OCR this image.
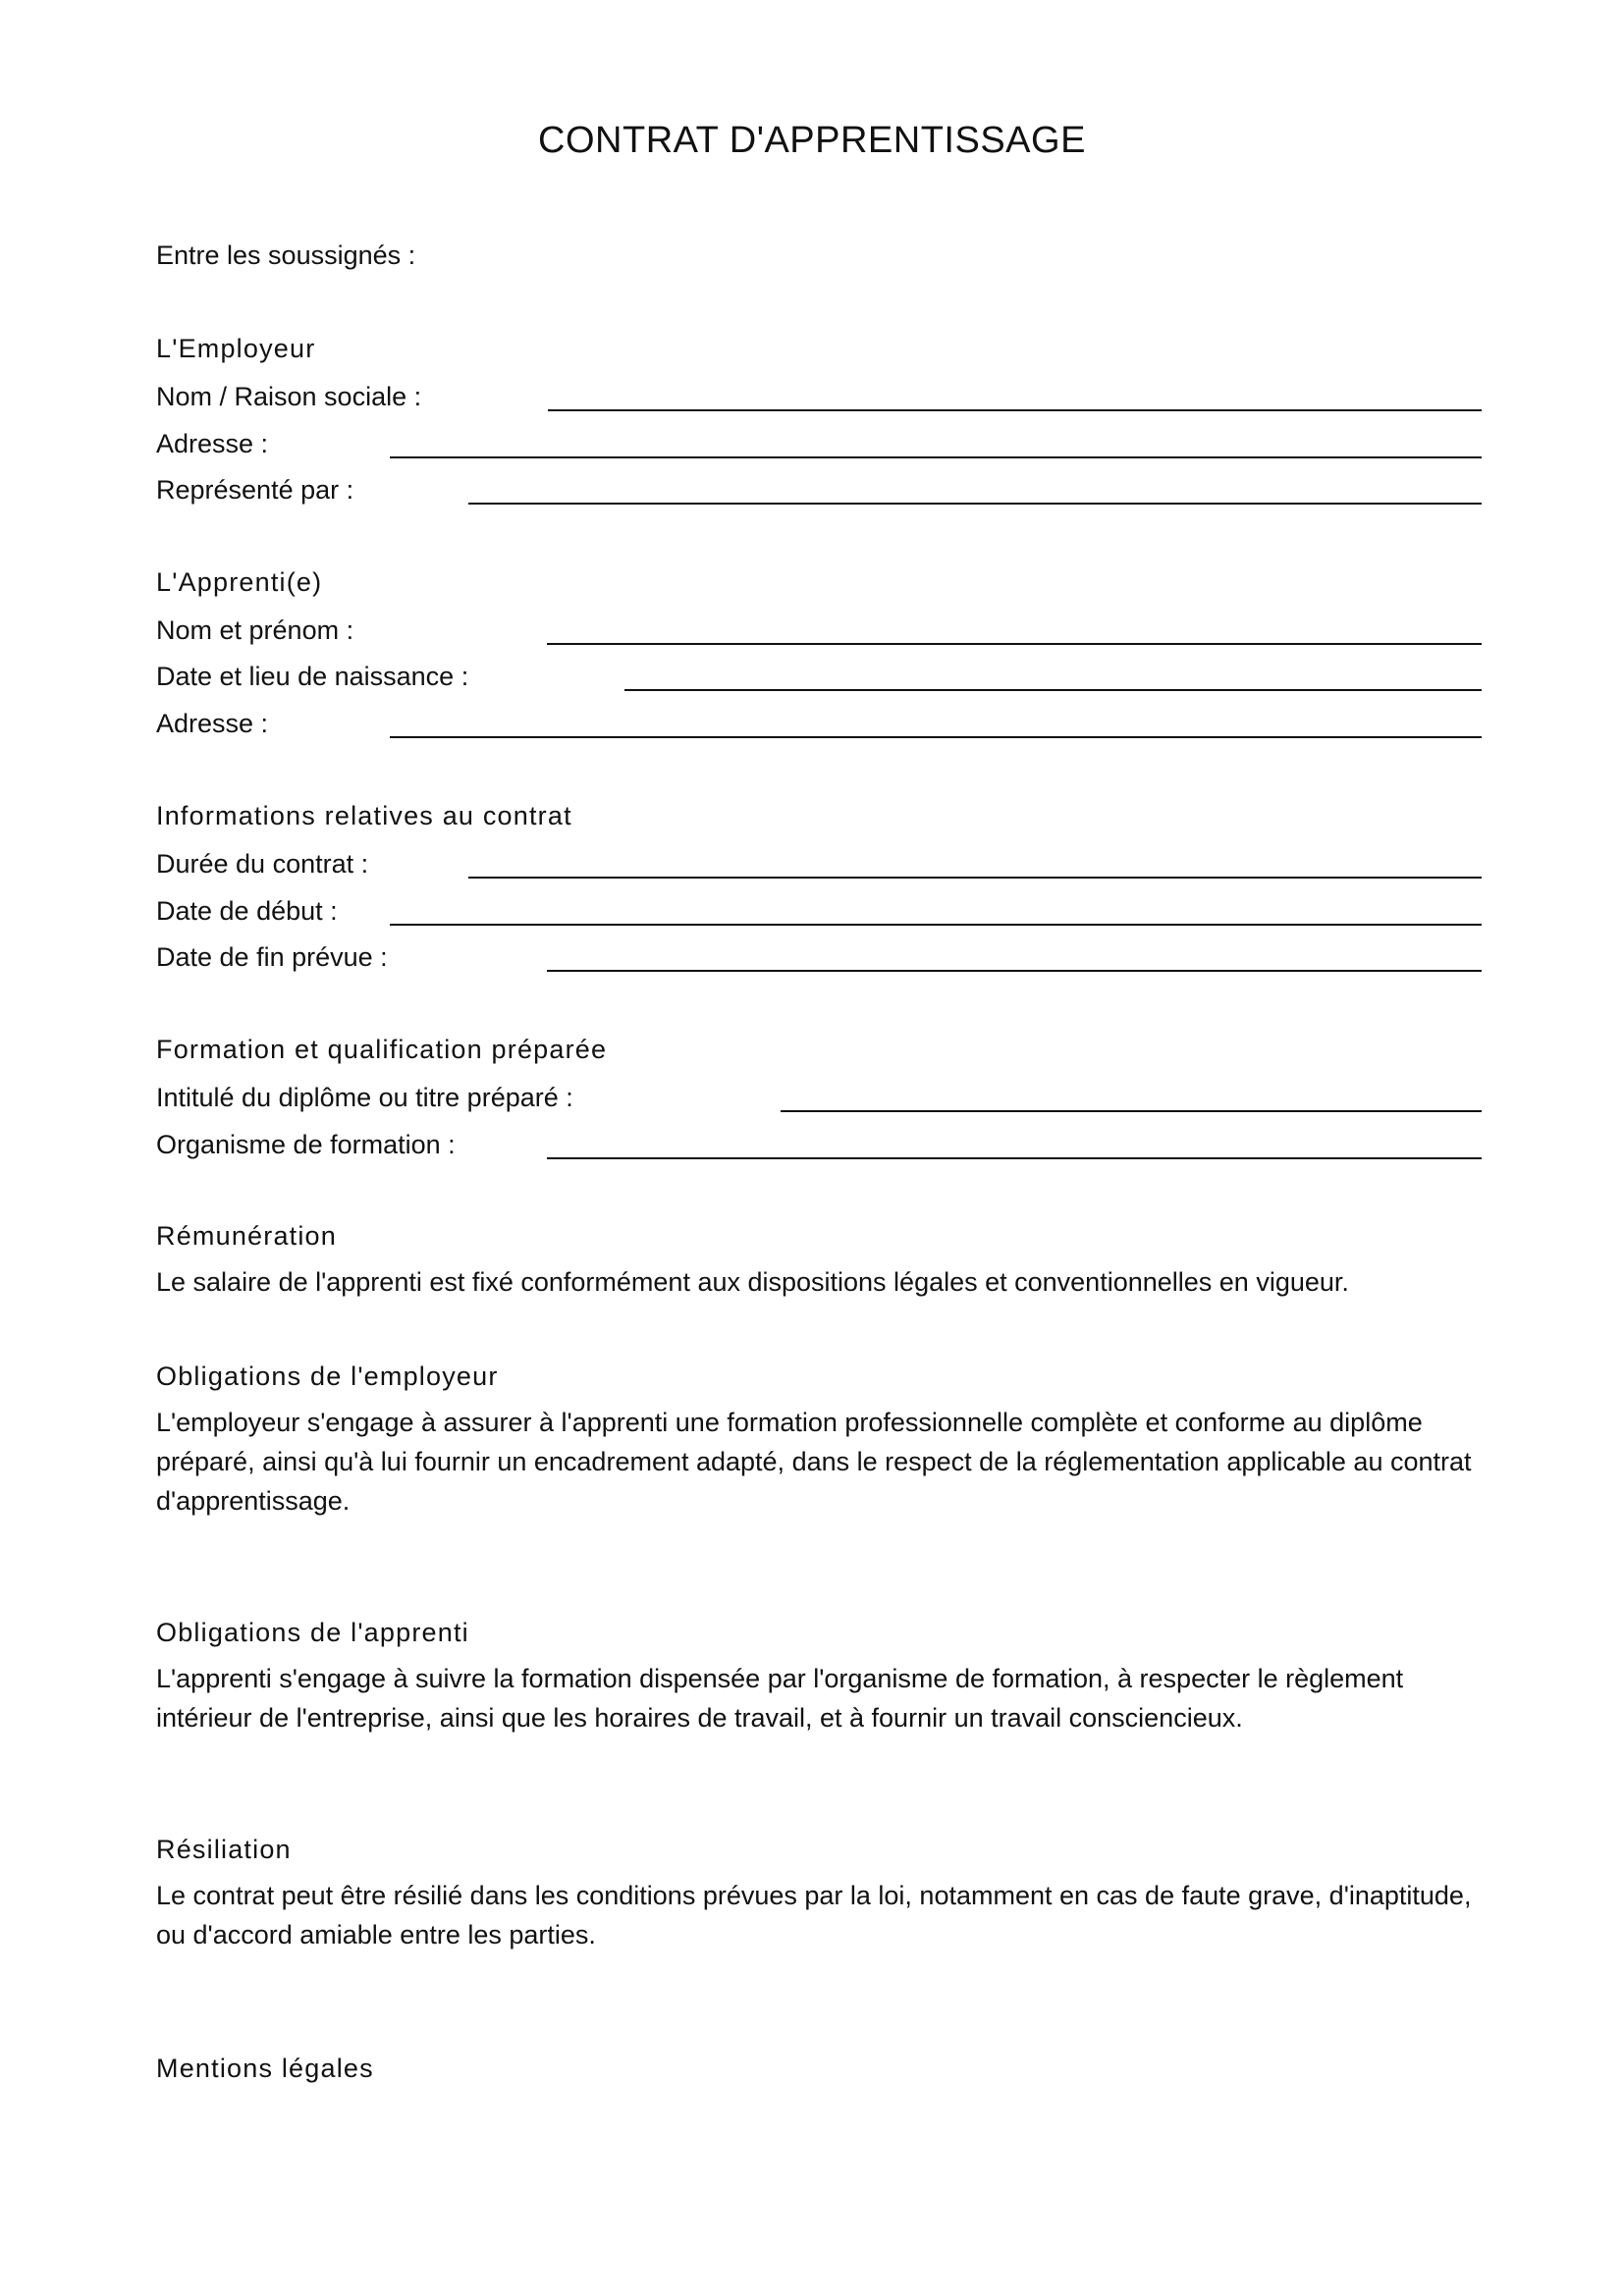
CONTRAT D'APPRENTISSAGE

Entre les soussignés :

L'Employeur
Nom / Raison sociale :
Adresse :
Représenté par :
L'Apprenti(e)
Nom et prénom :
Date et lieu de naissance :
Adresse :
Informations relatives au contrat
Durée du contrat :
Date de début :
Date de fin prévue :
Formation et qualification préparée
Intitulé du diplôme ou titre préparé :
Organisme de formation :
Rémunération

Le salaire de l'apprenti est fixé conformément aux dispositions légales et conventionnelles en vigueur.

Obligations de l'employeur

L'employeur s'engage à assurer à l'apprenti une formation professionnelle complète et conforme au diplôme préparé, ainsi qu'à lui fournir un encadrement adapté, dans le respect de la réglementation applicable au contrat d'apprentissage.

Obligations de l'apprenti

L'apprenti s'engage à suivre la formation dispensée par l'organisme de formation, à respecter le règlement intérieur de l'entreprise, ainsi que les horaires de travail, et à fournir un travail consciencieux.

Résiliation

Le contrat peut être résilié dans les conditions prévues par la loi, notamment en cas de faute grave, d'inaptitude, ou d'accord amiable entre les parties.

Mentions légales
